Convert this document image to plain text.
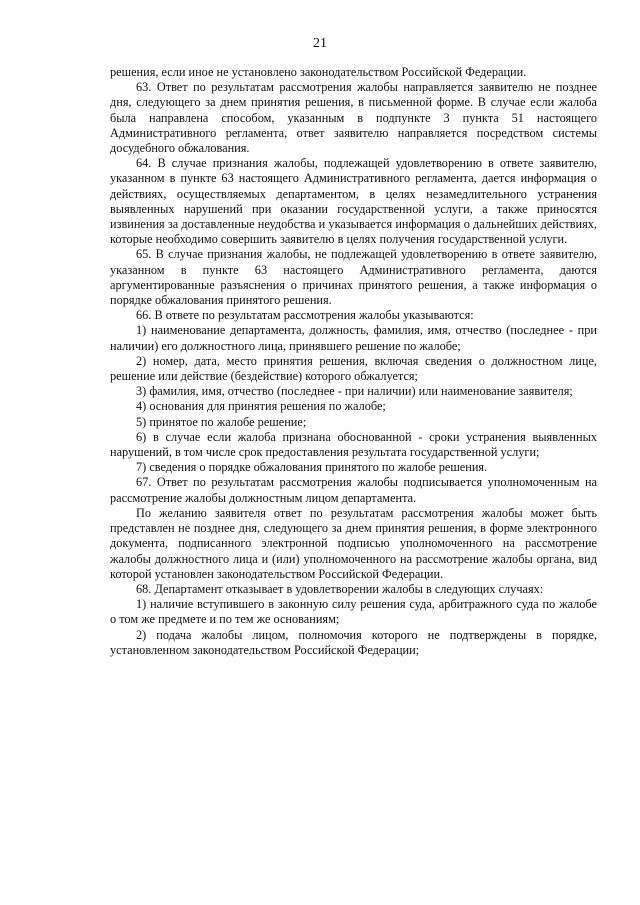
21

решения, если иное не установлено законодательством Российской Федерации.

63. Ответ по результатам рассмотрения жалобы направляется заявителю не позднее дня, следующего за днем принятия решения, в письменной форме. В случае если жалоба была направлена способом, указанным в подпункте 3 пункта 51 настоящего Административного регламента, ответ заявителю направляется посредством системы досудебного обжалования.

64. В случае признания жалобы, подлежащей удовлетворению в ответе заявителю, указанном в пункте 63 настоящего Административного регламента, дается информация о действиях, осуществляемых департаментом, в целях незамедлительного устранения выявленных нарушений при оказании государственной услуги, а также приносятся извинения за доставленные неудобства и указывается информация о дальнейших действиях, которые необходимо совершить заявителю в целях получения государственной услуги.

65. В случае признания жалобы, не подлежащей удовлетворению в ответе заявителю, указанном в пункте 63 настоящего Административного регламента, даются аргументированные разъяснения о причинах принятого решения, а также информация о порядке обжалования принятого решения.

66. В ответе по результатам рассмотрения жалобы указываются:

1) наименование департамента, должность, фамилия, имя, отчество (последнее - при наличии) его должностного лица, принявшего решение по жалобе;

2) номер, дата, место принятия решения, включая сведения о должностном лице, решение или действие (бездействие) которого обжалуется;

3) фамилия, имя, отчество (последнее - при наличии) или наименование заявителя;

4) основания для принятия решения по жалобе;

5) принятое по жалобе решение;

6) в случае если жалоба признана обоснованной - сроки устранения выявленных нарушений, в том числе срок предоставления результата государственной услуги;

7) сведения о порядке обжалования принятого по жалобе решения.

67. Ответ по результатам рассмотрения жалобы подписывается уполномоченным на рассмотрение жалобы должностным лицом департамента.

По желанию заявителя ответ по результатам рассмотрения жалобы может быть представлен не позднее дня, следующего за днем принятия решения, в форме электронного документа, подписанного электронной подписью уполномоченного на рассмотрение жалобы должностного лица и (или) уполномоченного на рассмотрение жалобы органа, вид которой установлен законодательством Российской Федерации.

68. Департамент отказывает в удовлетворении жалобы в следующих случаях:

1) наличие вступившего в законную силу решения суда, арбитражного суда по жалобе о том же предмете и по тем же основаниям;

2) подача жалобы лицом, полномочия которого не подтверждены в порядке, установленном законодательством Российской Федерации;
